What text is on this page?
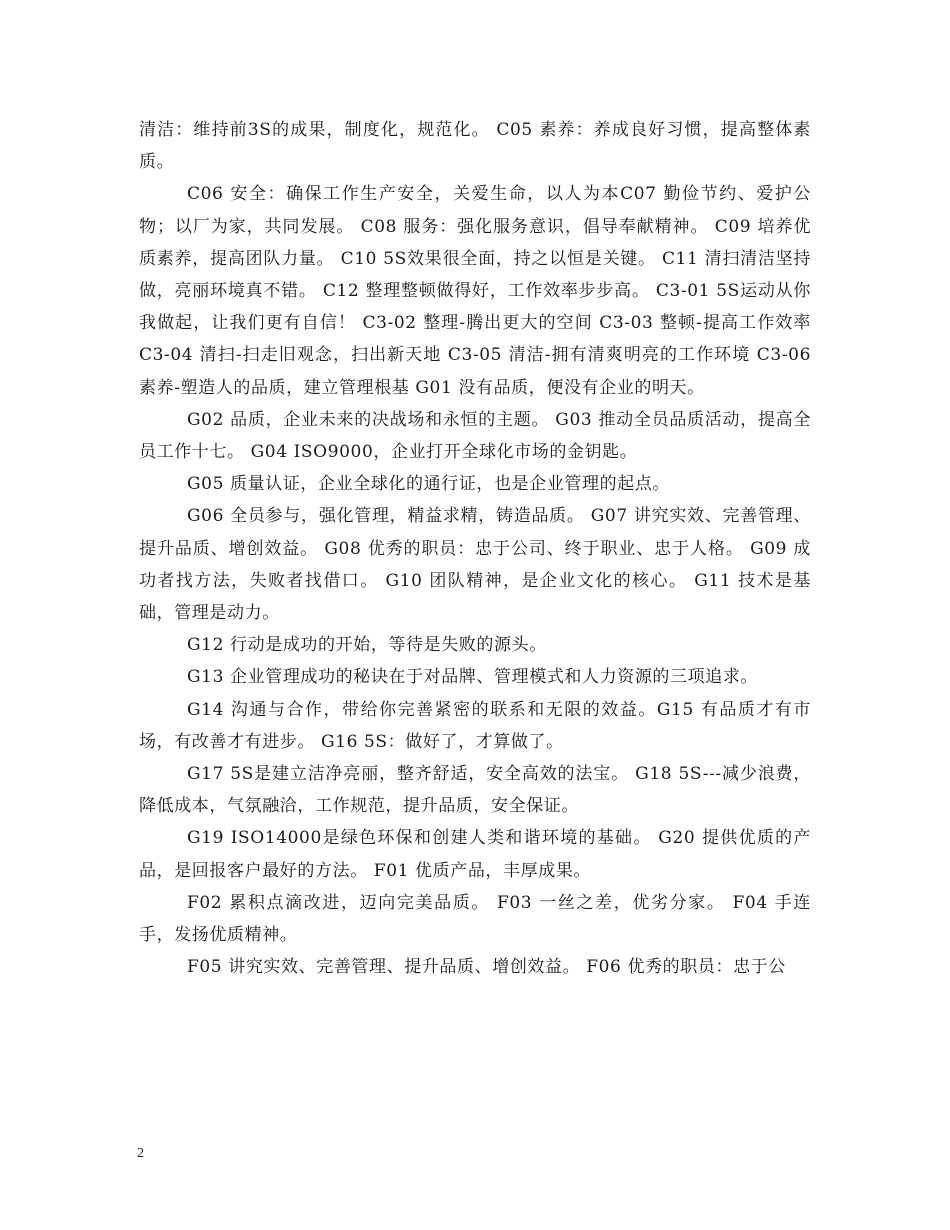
清洁：维持前3S的成果，制度化，规范化。 C05 素养：养成良好习惯，提高整体素质。

C06 安全：确保工作生产安全，关爱生命，以人为本C07 勤俭节约、爱护公物；以厂为家，共同发展。 C08 服务：强化服务意识，倡导奉献精神。 C09 培养优质素养，提高团队力量。 C10 5S效果很全面，持之以恒是关键。 C11 清扫清洁坚持做，亮丽环境真不错。 C12 整理整顿做得好，工作效率步步高。 C3-01 5S运动从你我做起，让我们更有自信！ C3-02 整理-腾出更大的空间 C3-03 整顿-提高工作效率 C3-04 清扫-扫走旧观念，扫出新天地 C3-05 清洁-拥有清爽明亮的工作环境 C3-06 素养-塑造人的品质，建立管理根基 G01 没有品质，便没有企业的明天。

G02 品质，企业未来的决战场和永恒的主题。 G03 推动全员品质活动，提高全员工作十七。 G04 ISO9000，企业打开全球化市场的金钥匙。

G05 质量认证，企业全球化的通行证，也是企业管理的起点。

G06 全员参与，强化管理，精益求精，铸造品质。 G07 讲究实效、完善管理、提升品质、增创效益。 G08 优秀的职员：忠于公司、终于职业、忠于人格。 G09 成功者找方法，失败者找借口。 G10 团队精神，是企业文化的核心。 G11 技术是基础，管理是动力。

G12 行动是成功的开始，等待是失败的源头。

G13 企业管理成功的秘诀在于对品牌、管理模式和人力资源的三项追求。

G14 沟通与合作，带给你完善紧密的联系和无限的效益。G15 有品质才有市场，有改善才有进步。 G16 5S：做好了，才算做了。

G17 5S是建立洁净亮丽，整齐舒适，安全高效的法宝。 G18 5S---减少浪费，降低成本，气氛融洽，工作规范，提升品质，安全保证。

G19 ISO14000是绿色环保和创建人类和谐环境的基础。 G20 提供优质的产品，是回报客户最好的方法。 F01 优质产品，丰厚成果。

F02 累积点滴改进，迈向完美品质。 F03 一丝之差，优劣分家。 F04 手连手，发扬优质精神。

F05 讲究实效、完善管理、提升品质、增创效益。 F06 优秀的职员：忠于公

2
